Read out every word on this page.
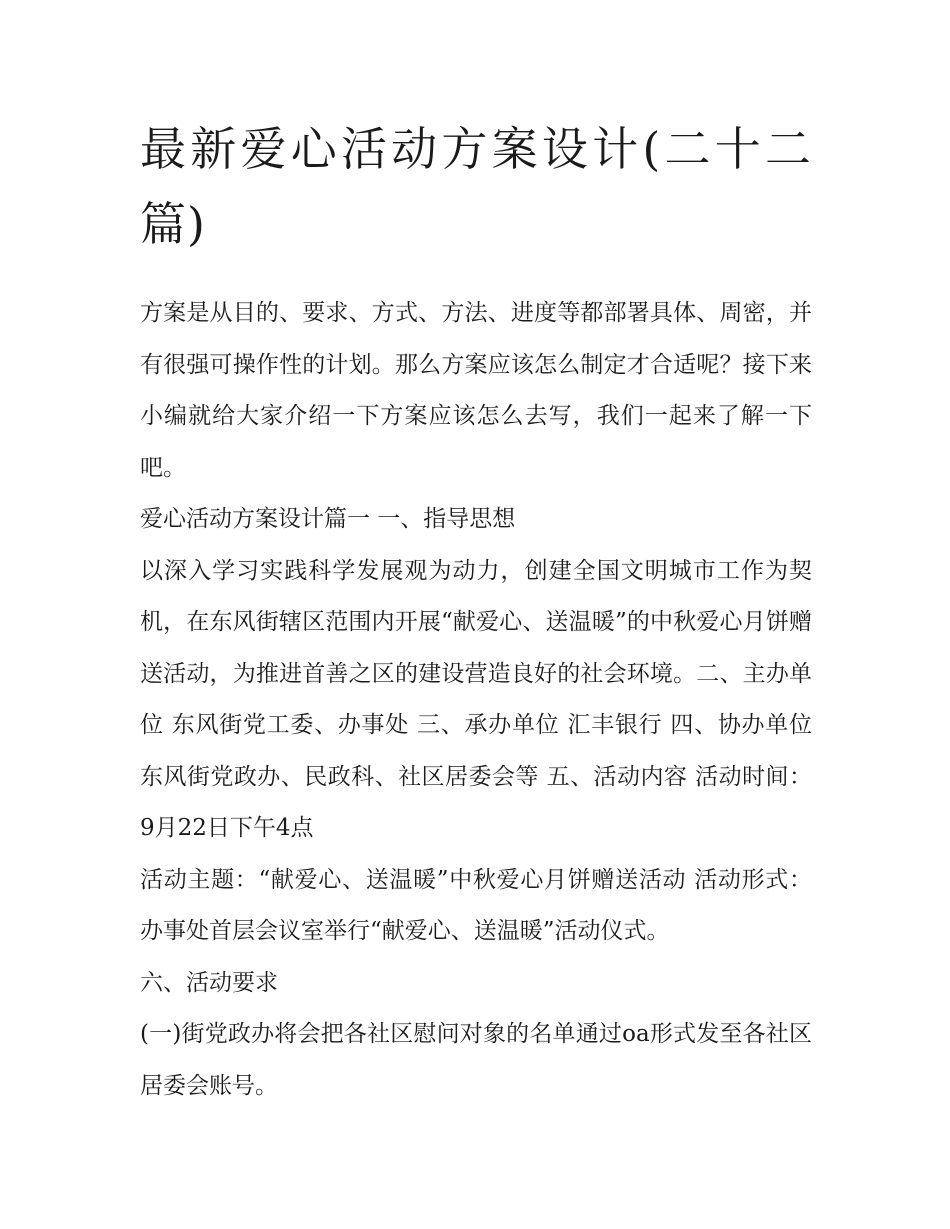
最新爱心活动方案设计(二十二篇)

方案是从目的、要求、方式、方法、进度等都部署具体、周密，并有很强可操作性的计划。那么方案应该怎么制定才合适呢？接下来小编就给大家介绍一下方案应该怎么去写，我们一起来了解一下吧。

爱心活动方案设计篇一 一、指导思想

以深入学习实践科学发展观为动力，创建全国文明城市工作为契机，在东风街辖区范围内开展“献爱心、送温暖”的中秋爱心月饼赠送活动，为推进首善之区的建设营造良好的社会环境。二、主办单位 东风街党工委、办事处 三、承办单位 汇丰银行 四、协办单位 东风街党政办、民政科、社区居委会等 五、活动内容 活动时间：9月22日下午4点

活动主题：“献爱心、送温暖”中秋爱心月饼赠送活动 活动形式：办事处首层会议室举行“献爱心、送温暖”活动仪式。

六、活动要求

(一)街党政办将会把各社区慰问对象的名单通过oa形式发至各社区居委会账号。
